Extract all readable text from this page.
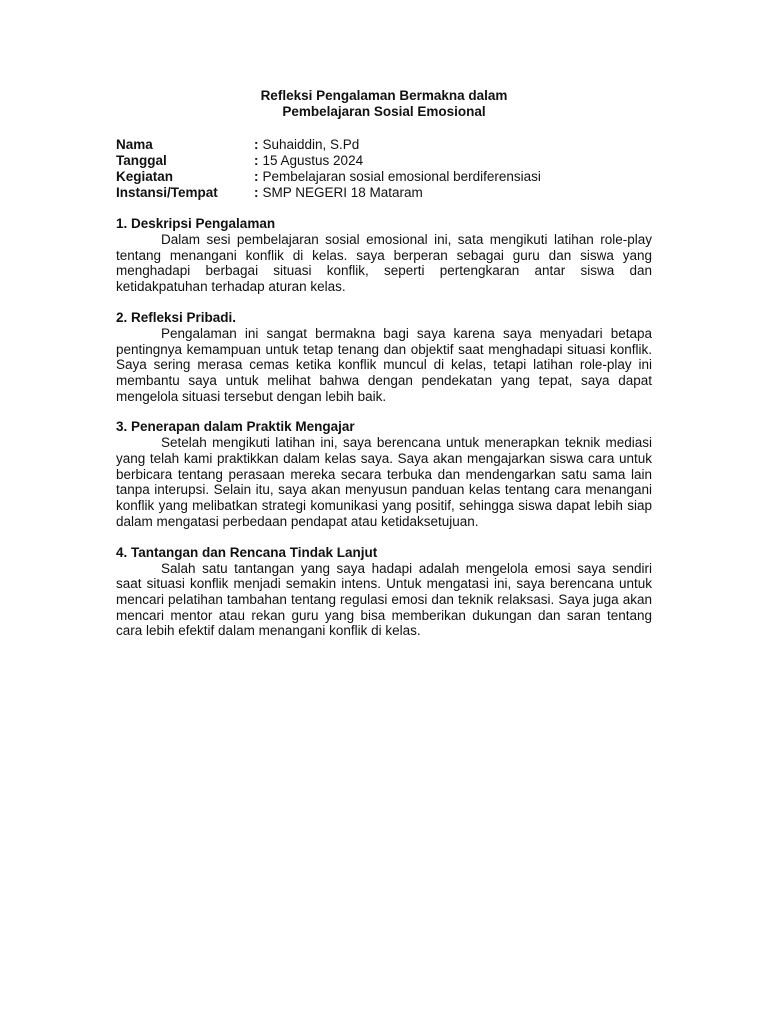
Refleksi Pengalaman Bermakna dalam
Pembelajaran Sosial Emosional

Nama	: Suhaiddin, S.Pd
Tanggal	: 15 Agustus 2024
Kegiatan	: Pembelajaran sosial emosional berdiferensiasi
Instansi/Tempat	: SMP NEGERI 18 Mataram

1. Deskripsi Pengalaman

Dalam sesi pembelajaran sosial emosional ini, sata mengikuti latihan role-play tentang menangani konflik di kelas. saya berperan sebagai guru dan siswa yang menghadapi berbagai situasi konflik, seperti pertengkaran antar siswa dan ketidakpatuhan terhadap aturan kelas.

2. Refleksi Pribadi.

Pengalaman ini sangat bermakna bagi saya karena saya menyadari betapa pentingnya kemampuan untuk tetap tenang dan objektif saat menghadapi situasi konflik. Saya sering merasa cemas ketika konflik muncul di kelas, tetapi latihan role-play ini membantu saya untuk melihat bahwa dengan pendekatan yang tepat, saya dapat mengelola situasi tersebut dengan lebih baik.

3. Penerapan dalam Praktik Mengajar

Setelah mengikuti latihan ini, saya berencana untuk menerapkan teknik mediasi yang telah kami praktikkan dalam kelas saya. Saya akan mengajarkan siswa cara untuk berbicara tentang perasaan mereka secara terbuka dan mendengarkan satu sama lain tanpa interupsi. Selain itu, saya akan menyusun panduan kelas tentang cara menangani konflik yang melibatkan strategi komunikasi yang positif, sehingga siswa dapat lebih siap dalam mengatasi perbedaan pendapat atau ketidaksetujuan.

4. Tantangan dan Rencana Tindak Lanjut

Salah satu tantangan yang saya hadapi adalah mengelola emosi saya sendiri saat situasi konflik menjadi semakin intens. Untuk mengatasi ini, saya berencana untuk mencari pelatihan tambahan tentang regulasi emosi dan teknik relaksasi. Saya juga akan mencari mentor atau rekan guru yang bisa memberikan dukungan dan saran tentang cara lebih efektif dalam menangani konflik di kelas.
